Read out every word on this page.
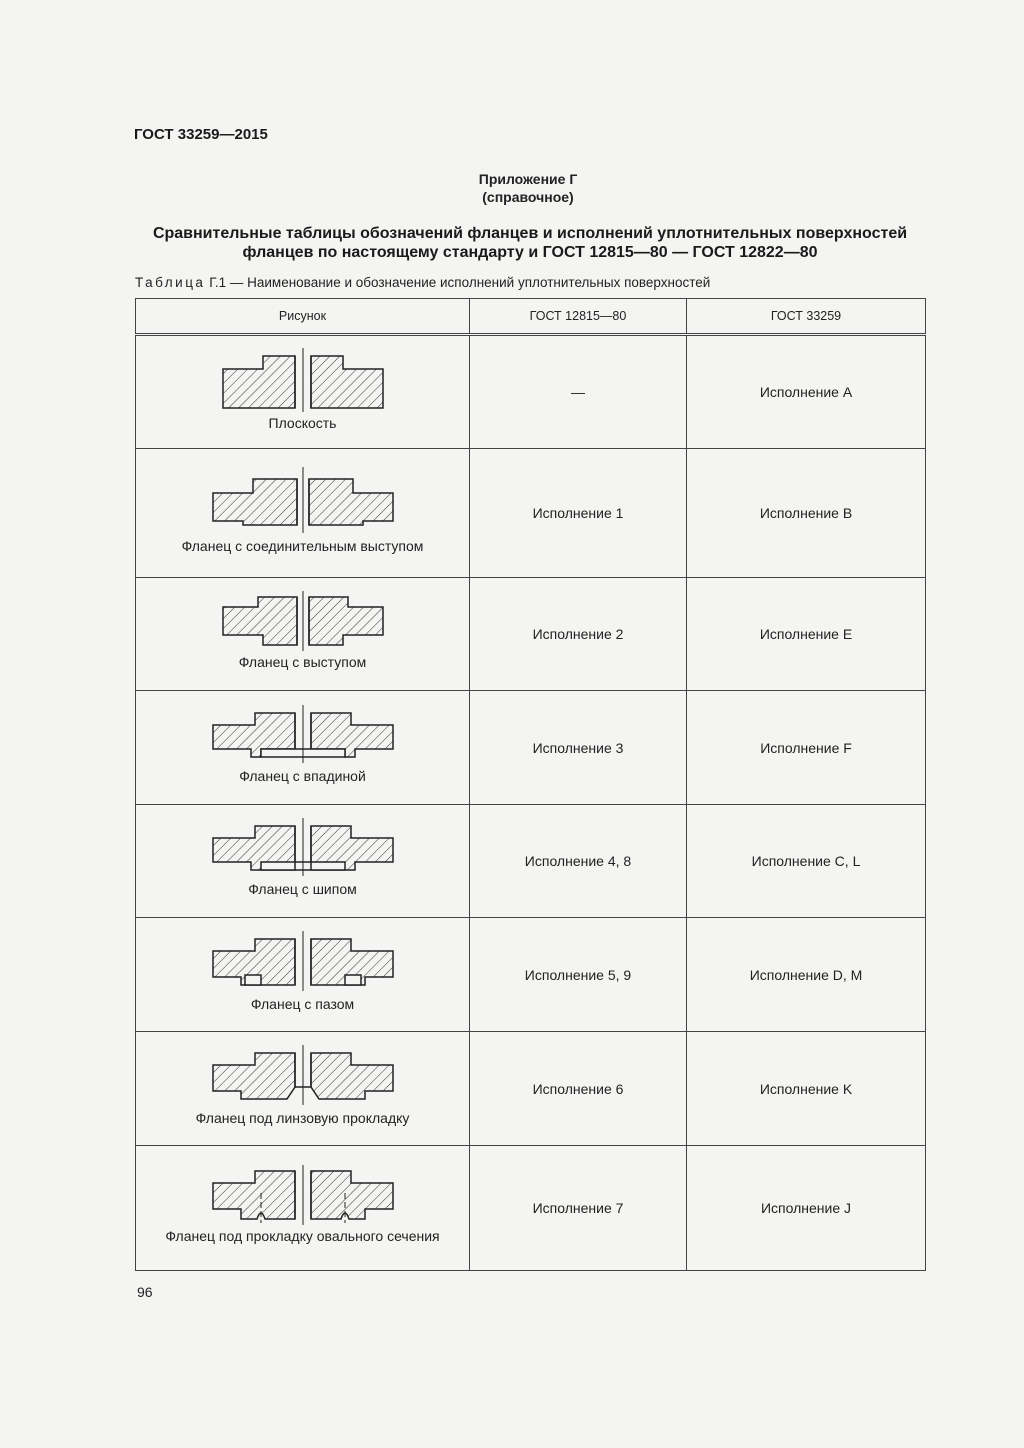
ГОСТ 33259—2015
Приложение Г
(справочное)
Сравнительные таблицы обозначений фланцев и исполнений уплотнительных поверхностей
фланцев по настоящему стандарту и ГОСТ 12815—80 — ГОСТ 12822—80
Таблица Г.1 — Наименование и обозначение исполнений уплотнительных поверхностей
Рисунок	ГОСТ 12815—80	ГОСТ 33259

Плоскость	—	Исполнение A

Фланец с соединительным выступом	Исполнение 1	Исполнение B

Фланец с выступом	Исполнение 2	Исполнение E

Фланец с впадиной	Исполнение 3	Исполнение F

Фланец с шипом	Исполнение 4, 8	Исполнение C, L

Фланец с пазом	Исполнение 5, 9	Исполнение D, M

Фланец под линзовую прокладку	Исполнение 6	Исполнение K

Фланец под прокладку овального сечения	Исполнение 7	Исполнение J
96
